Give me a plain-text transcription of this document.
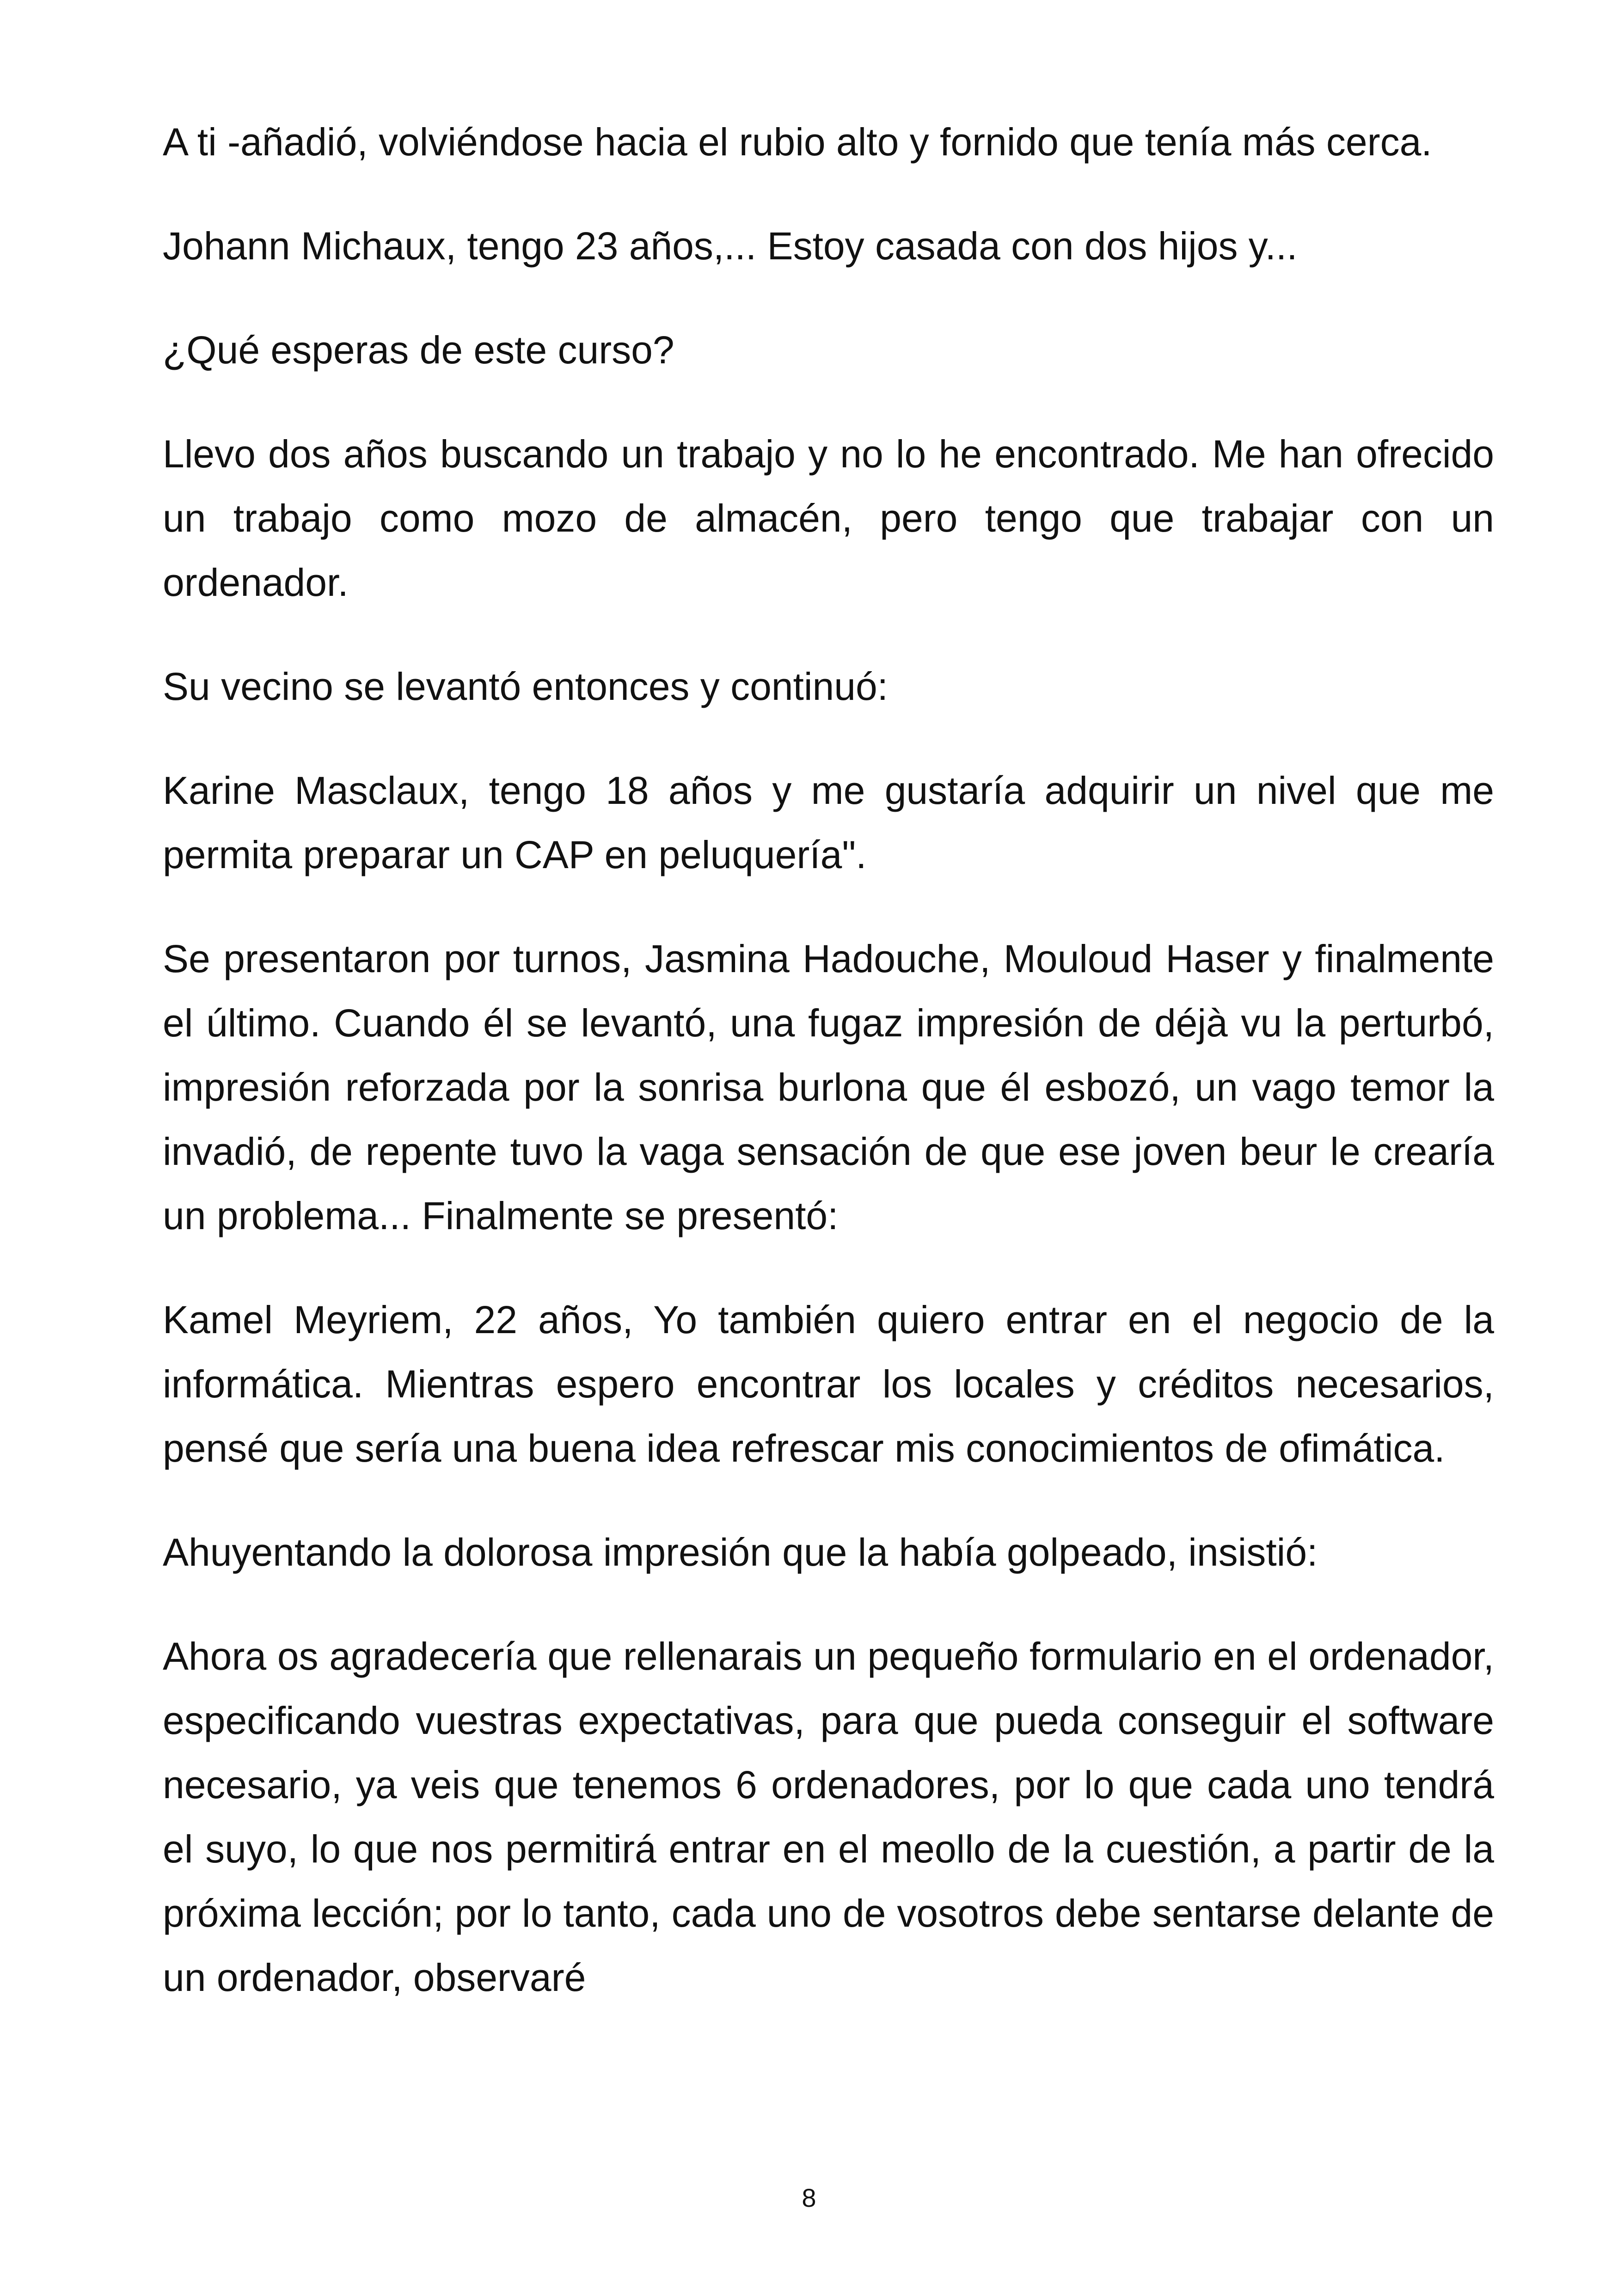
A ti -añadió, volviéndose hacia el rubio alto y fornido que tenía más cerca.

Johann Michaux, tengo 23 años,... Estoy casada con dos hijos y...

¿Qué esperas de este curso?

Llevo dos años buscando un trabajo y no lo he encontrado. Me han ofrecido un trabajo como mozo de almacén, pero tengo que trabajar con un ordenador.

Su vecino se levantó entonces y continuó:

Karine Masclaux, tengo 18 años y me gustaría adquirir un nivel que me permita preparar un CAP en peluquería".

Se presentaron por turnos, Jasmina Hadouche, Mouloud Haser y finalmente el último. Cuando él se levantó, una fugaz impresión de déjà vu la perturbó, impresión reforzada por la sonrisa burlona que él esbozó, un vago temor la invadió, de repente tuvo la vaga sensación de que ese joven beur le crearía un problema... Finalmente se presentó:

Kamel Meyriem, 22 años, Yo también quiero entrar en el negocio de la informática. Mientras espero encontrar los locales y créditos necesarios, pensé que sería una buena idea refrescar mis conocimientos de ofimática.

Ahuyentando la dolorosa impresión que la había golpeado, insistió:

Ahora os agradecería que rellenarais un pequeño formulario en el ordenador, especificando vuestras expectativas, para que pueda conseguir el software necesario, ya veis que tenemos 6 ordenadores, por lo que cada uno tendrá el suyo, lo que nos permitirá entrar en el meollo de la cuestión, a partir de la próxima lección; por lo tanto, cada uno de vosotros debe sentarse delante de un ordenador, observaré

8
